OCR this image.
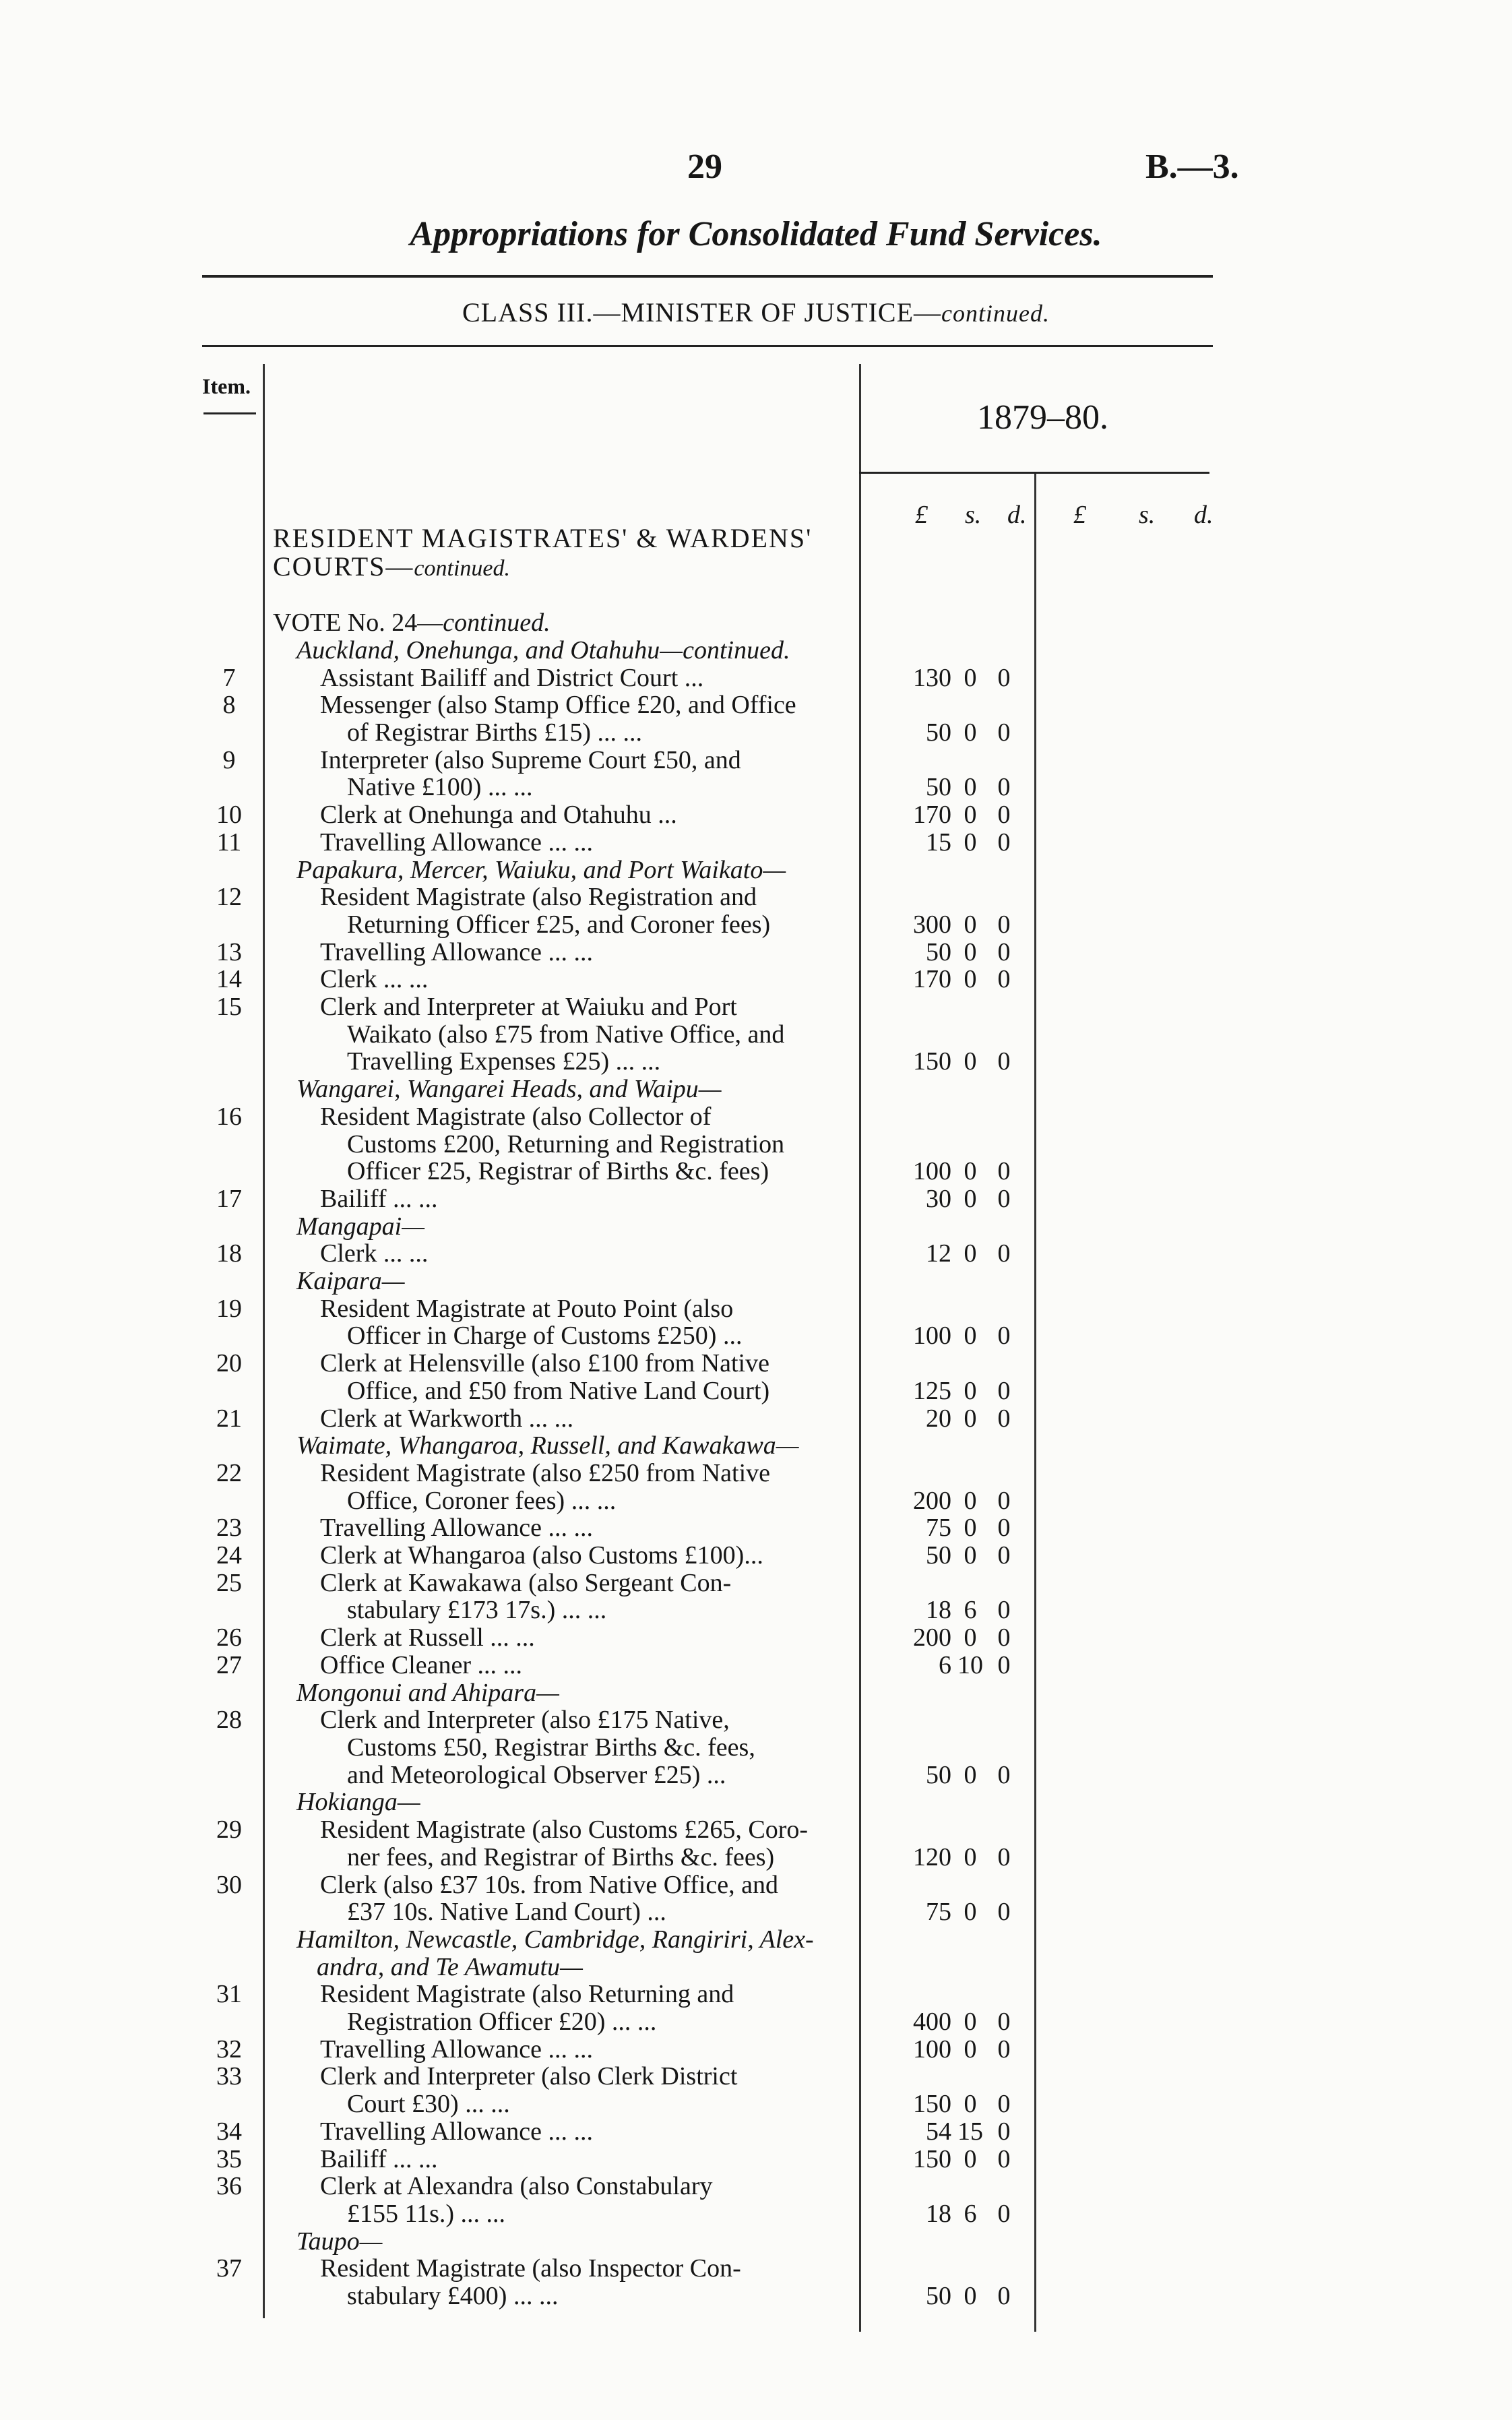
29	B.—3.
Appropriations for Consolidated Fund Services.
CLASS III.—MINISTER OF JUSTICE—continued.
Item.
1879–80.
£ s. d. £ s. d.
RESIDENT MAGISTRATES' & WARDENS' COURTS—continued.
VOTE No. 24—continued.
Auckland, Onehunga, and Otahuhu—continued.
7	Assistant Bailiff and District Court ...	130 0 0
8	Messenger (also Stamp Office £20, and Office
of Registrar Births £15) ... ...	50 0 0
9	Interpreter (also Supreme Court £50, and
Native £100) ... ...	50 0 0
10	Clerk at Onehunga and Otahuhu ...	170 0 0
11	Travelling Allowance ... ...	15 0 0
Papakura, Mercer, Waiuku, and Port Waikato—
12	Resident Magistrate (also Registration and
Returning Officer £25, and Coroner fees)	300 0 0
13	Travelling Allowance ... ...	50 0 0
14	Clerk ... ...	170 0 0
15	Clerk and Interpreter at Waiuku and Port
Waikato (also £75 from Native Office, and
Travelling Expenses £25) ... ...	150 0 0
Wangarei, Wangarei Heads, and Waipu—
16	Resident Magistrate (also Collector of
Customs £200, Returning and Registration
Officer £25, Registrar of Births &c. fees)	100 0 0
17	Bailiff ... ...	30 0 0
Mangapai—
18	Clerk ... ...	12 0 0
Kaipara—
19	Resident Magistrate at Pouto Point (also
Officer in Charge of Customs £250) ...	100 0 0
20	Clerk at Helensville (also £100 from Native
Office, and £50 from Native Land Court)	125 0 0
21	Clerk at Warkworth ... ...	20 0 0
Waimate, Whangaroa, Russell, and Kawakawa—
22	Resident Magistrate (also £250 from Native
Office, Coroner fees) ... ...	200 0 0
23	Travelling Allowance ... ...	75 0 0
24	Clerk at Whangaroa (also Customs £100)...	50 0 0
25	Clerk at Kawakawa (also Sergeant Con-
stabulary £173 17s.) ... ...	18 6 0
26	Clerk at Russell ... ...	200 0 0
27	Office Cleaner ... ...	6 10 0
Mongonui and Ahipara—
28	Clerk and Interpreter (also £175 Native,
Customs £50, Registrar Births &c. fees,
and Meteorological Observer £25) ...	50 0 0
Hokianga—
29	Resident Magistrate (also Customs £265, Coro-
ner fees, and Registrar of Births &c. fees)	120 0 0
30	Clerk (also £37 10s. from Native Office, and
£37 10s. Native Land Court) ...	75 0 0
Hamilton, Newcastle, Cambridge, Rangiriri, Alex-
andra, and Te Awamutu—
31	Resident Magistrate (also Returning and
Registration Officer £20) ... ...	400 0 0
32	Travelling Allowance ... ...	100 0 0
33	Clerk and Interpreter (also Clerk District
Court £30) ... ...	150 0 0
34	Travelling Allowance ... ...	54 15 0
35	Bailiff ... ...	150 0 0
36	Clerk at Alexandra (also Constabulary
£155 11s.) ... ...	18 6 0
Taupo—
37	Resident Magistrate (also Inspector Con-
stabulary £400) ... ...	50 0 0
